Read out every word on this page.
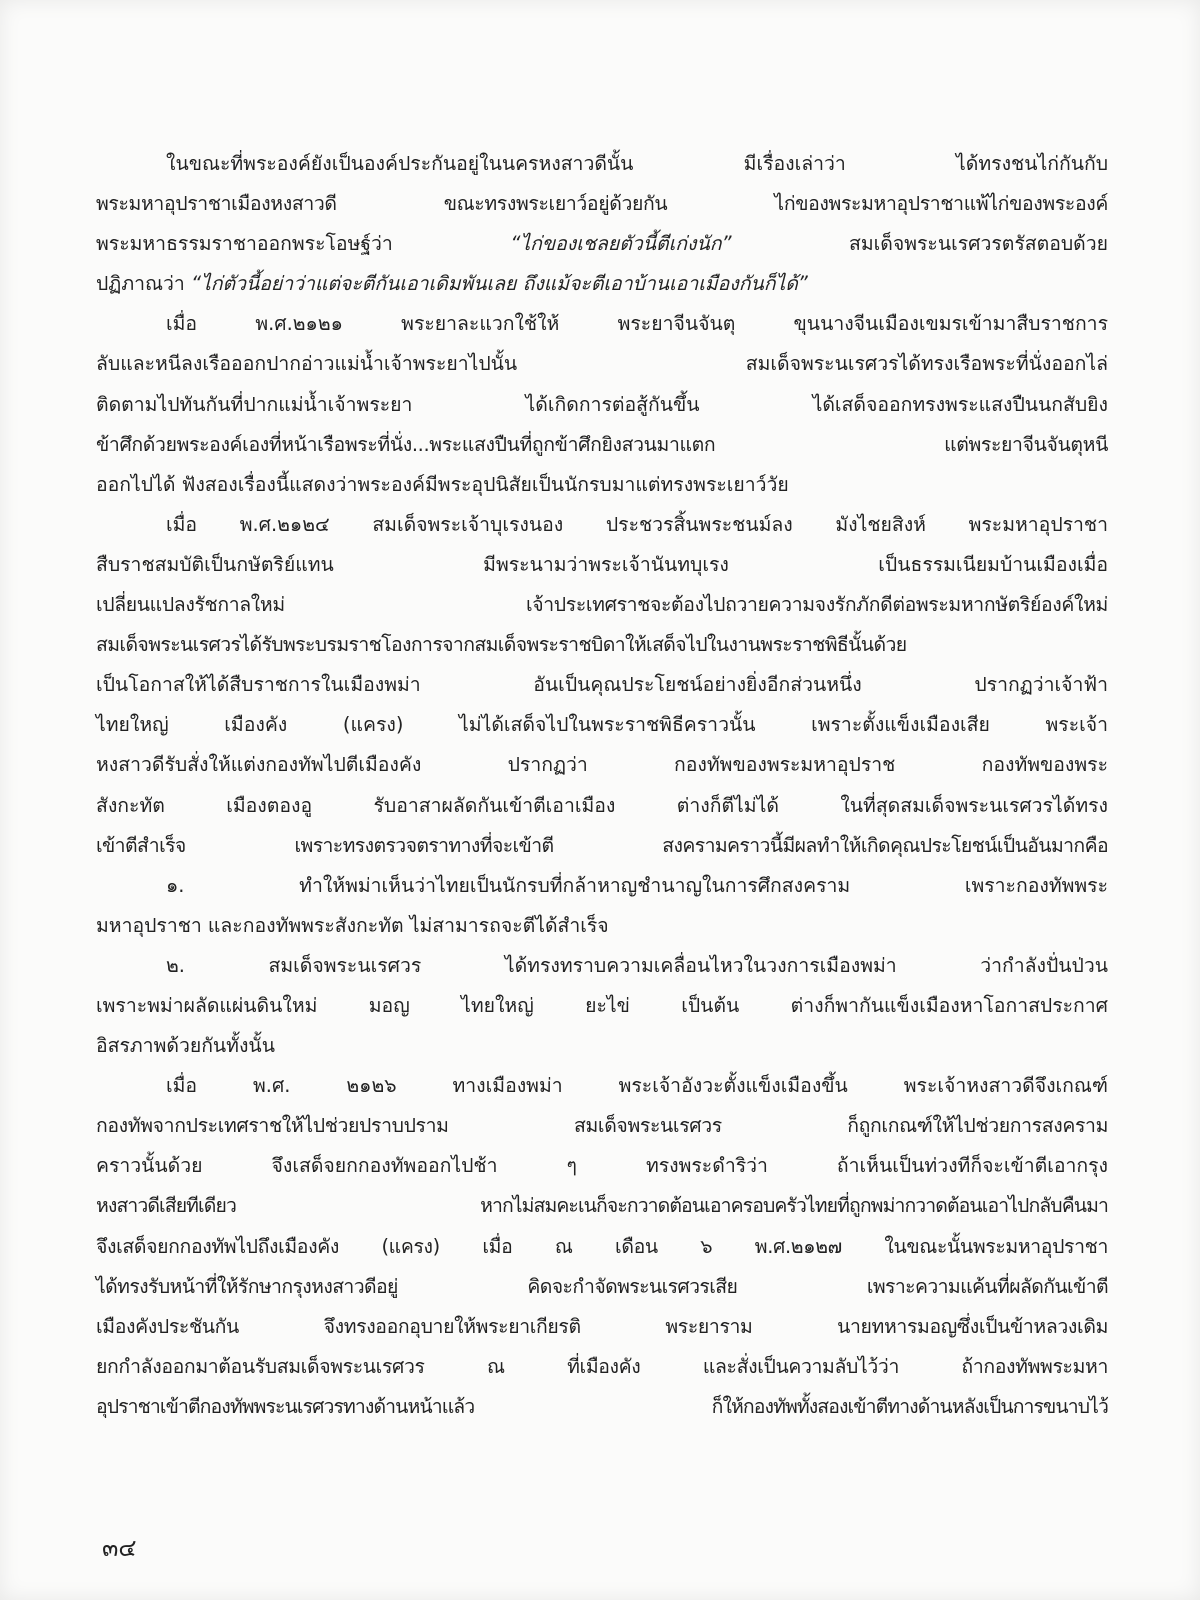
ในขณะที่พระองค์ยังเป็นองค์ประกันอยู่ในนครหงสาวดีนั้น มีเรื่องเล่าว่า ได้ทรงชนไก่กันกับ
พระมหาอุปราชาเมืองหงสาวดี ขณะทรงพระเยาว์อยู่ด้วยกัน ไก่ของพระมหาอุปราชาแพ้ไก่ของพระองค์
พระมหาธรรมราชาออกพระโอษฐ์ว่า “ไก่ของเชลยตัวนี้ตีเก่งนัก” สมเด็จพระนเรศวรตรัสตอบด้วย
ปฏิภาณว่า “ไก่ตัวนี้อย่าว่าแต่จะตีกันเอาเดิมพันเลย ถึงแม้จะตีเอาบ้านเอาเมืองกันก็ได้”
เมื่อ พ.ศ.๒๑๒๑ พระยาละแวกใช้ให้ พระยาจีนจันตุ ขุนนางจีนเมืองเขมรเข้ามาสืบราชการ
ลับและหนีลงเรือออกปากอ่าวแม่น้ำเจ้าพระยาไปนั้น สมเด็จพระนเรศวรได้ทรงเรือพระที่นั่งออกไล่
ติดตามไปทันกันที่ปากแม่น้ำเจ้าพระยา ได้เกิดการต่อสู้กันขึ้น ได้เสด็จออกทรงพระแสงปืนนกสับยิง
ข้าศึกด้วยพระองค์เองที่หน้าเรือพระที่นั่ง...พระแสงปืนที่ถูกข้าศึกยิงสวนมาแตก แต่พระยาจีนจันตุหนี
ออกไปได้ ฟังสองเรื่องนี้แสดงว่าพระองค์มีพระอุปนิสัยเป็นนักรบมาแต่ทรงพระเยาว์วัย
เมื่อ พ.ศ.๒๑๒๔ สมเด็จพระเจ้าบุเรงนอง ประชวรสิ้นพระชนม์ลง มังไชยสิงห์ พระมหาอุปราชา
สืบราชสมบัติเป็นกษัตริย์แทน มีพระนามว่าพระเจ้านันทบุเรง เป็นธรรมเนียมบ้านเมืองเมื่อ
เปลี่ยนแปลงรัชกาลใหม่ เจ้าประเทศราชจะต้องไปถวายความจงรักภักดีต่อพระมหากษัตริย์องค์ใหม่
สมเด็จพระนเรศวรได้รับพระบรมราชโองการจากสมเด็จพระราชบิดาให้เสด็จไปในงานพระราชพิธีนั้นด้วย
เป็นโอกาสให้ได้สืบราชการในเมืองพม่า อันเป็นคุณประโยชน์อย่างยิ่งอีกส่วนหนึ่ง ปรากฏว่าเจ้าฟ้า
ไทยใหญ่ เมืองคัง (แครง) ไม่ได้เสด็จไปในพระราชพิธีคราวนั้น เพราะตั้งแข็งเมืองเสีย พระเจ้า
หงสาวดีรับสั่งให้แต่งกองทัพไปตีเมืองคัง ปรากฏว่า กองทัพของพระมหาอุปราช กองทัพของพระ
สังกะทัต เมืองตองอู รับอาสาผลัดกันเข้าตีเอาเมือง ต่างก็ตีไม่ได้ ในที่สุดสมเด็จพระนเรศวรได้ทรง
เข้าตีสำเร็จ เพราะทรงตรวจตราทางที่จะเข้าตี สงครามคราวนี้มีผลทำให้เกิดคุณประโยชน์เป็นอันมากคือ
๑. ทำให้พม่าเห็นว่าไทยเป็นนักรบที่กล้าหาญชำนาญในการศึกสงคราม เพราะกองทัพพระ
มหาอุปราชา และกองทัพพระสังกะทัต ไม่สามารถจะตีได้สำเร็จ
๒. สมเด็จพระนเรศวร ได้ทรงทราบความเคลื่อนไหวในวงการเมืองพม่า ว่ากำลังปั่นป่วน
เพราะพม่าผลัดแผ่นดินใหม่ มอญ ไทยใหญ่ ยะไข่ เป็นต้น ต่างก็พากันแข็งเมืองหาโอกาสประกาศ
อิสรภาพด้วยกันทั้งนั้น
เมื่อ พ.ศ. ๒๑๒๖ ทางเมืองพม่า พระเจ้าอังวะตั้งแข็งเมืองขึ้น พระเจ้าหงสาวดีจึงเกณฑ์
กองทัพจากประเทศราชให้ไปช่วยปราบปราม สมเด็จพระนเรศวร ก็ถูกเกณฑ์ให้ไปช่วยการสงคราม
คราวนั้นด้วย จึงเสด็จยกกองทัพออกไปช้า ๆ ทรงพระดำริว่า ถ้าเห็นเป็นท่วงทีก็จะเข้าตีเอากรุง
หงสาวดีเสียทีเดียว หากไม่สมคะเนก็จะกวาดต้อนเอาครอบครัวไทยที่ถูกพม่ากวาดต้อนเอาไปกลับคืนมา
จึงเสด็จยกกองทัพไปถึงเมืองคัง (แครง) เมื่อ ณ เดือน ๖ พ.ศ.๒๑๒๗ ในขณะนั้นพระมหาอุปราชา
ได้ทรงรับหน้าที่ให้รักษากรุงหงสาวดีอยู่ คิดจะกำจัดพระนเรศวรเสีย เพราะความแค้นที่ผลัดกันเข้าตี
เมืองคังประชันกัน จึงทรงออกอุบายให้พระยาเกียรติ พระยาราม นายทหารมอญซึ่งเป็นข้าหลวงเดิม
ยกกำลังออกมาต้อนรับสมเด็จพระนเรศวร ณ ที่เมืองคัง และสั่งเป็นความลับไว้ว่า ถ้ากองทัพพระมหา
อุปราชาเข้าตีกองทัพพระนเรศวรทางด้านหน้าแล้ว ก็ให้กองทัพทั้งสองเข้าตีทางด้านหลังเป็นการขนาบไว้
๓๔
